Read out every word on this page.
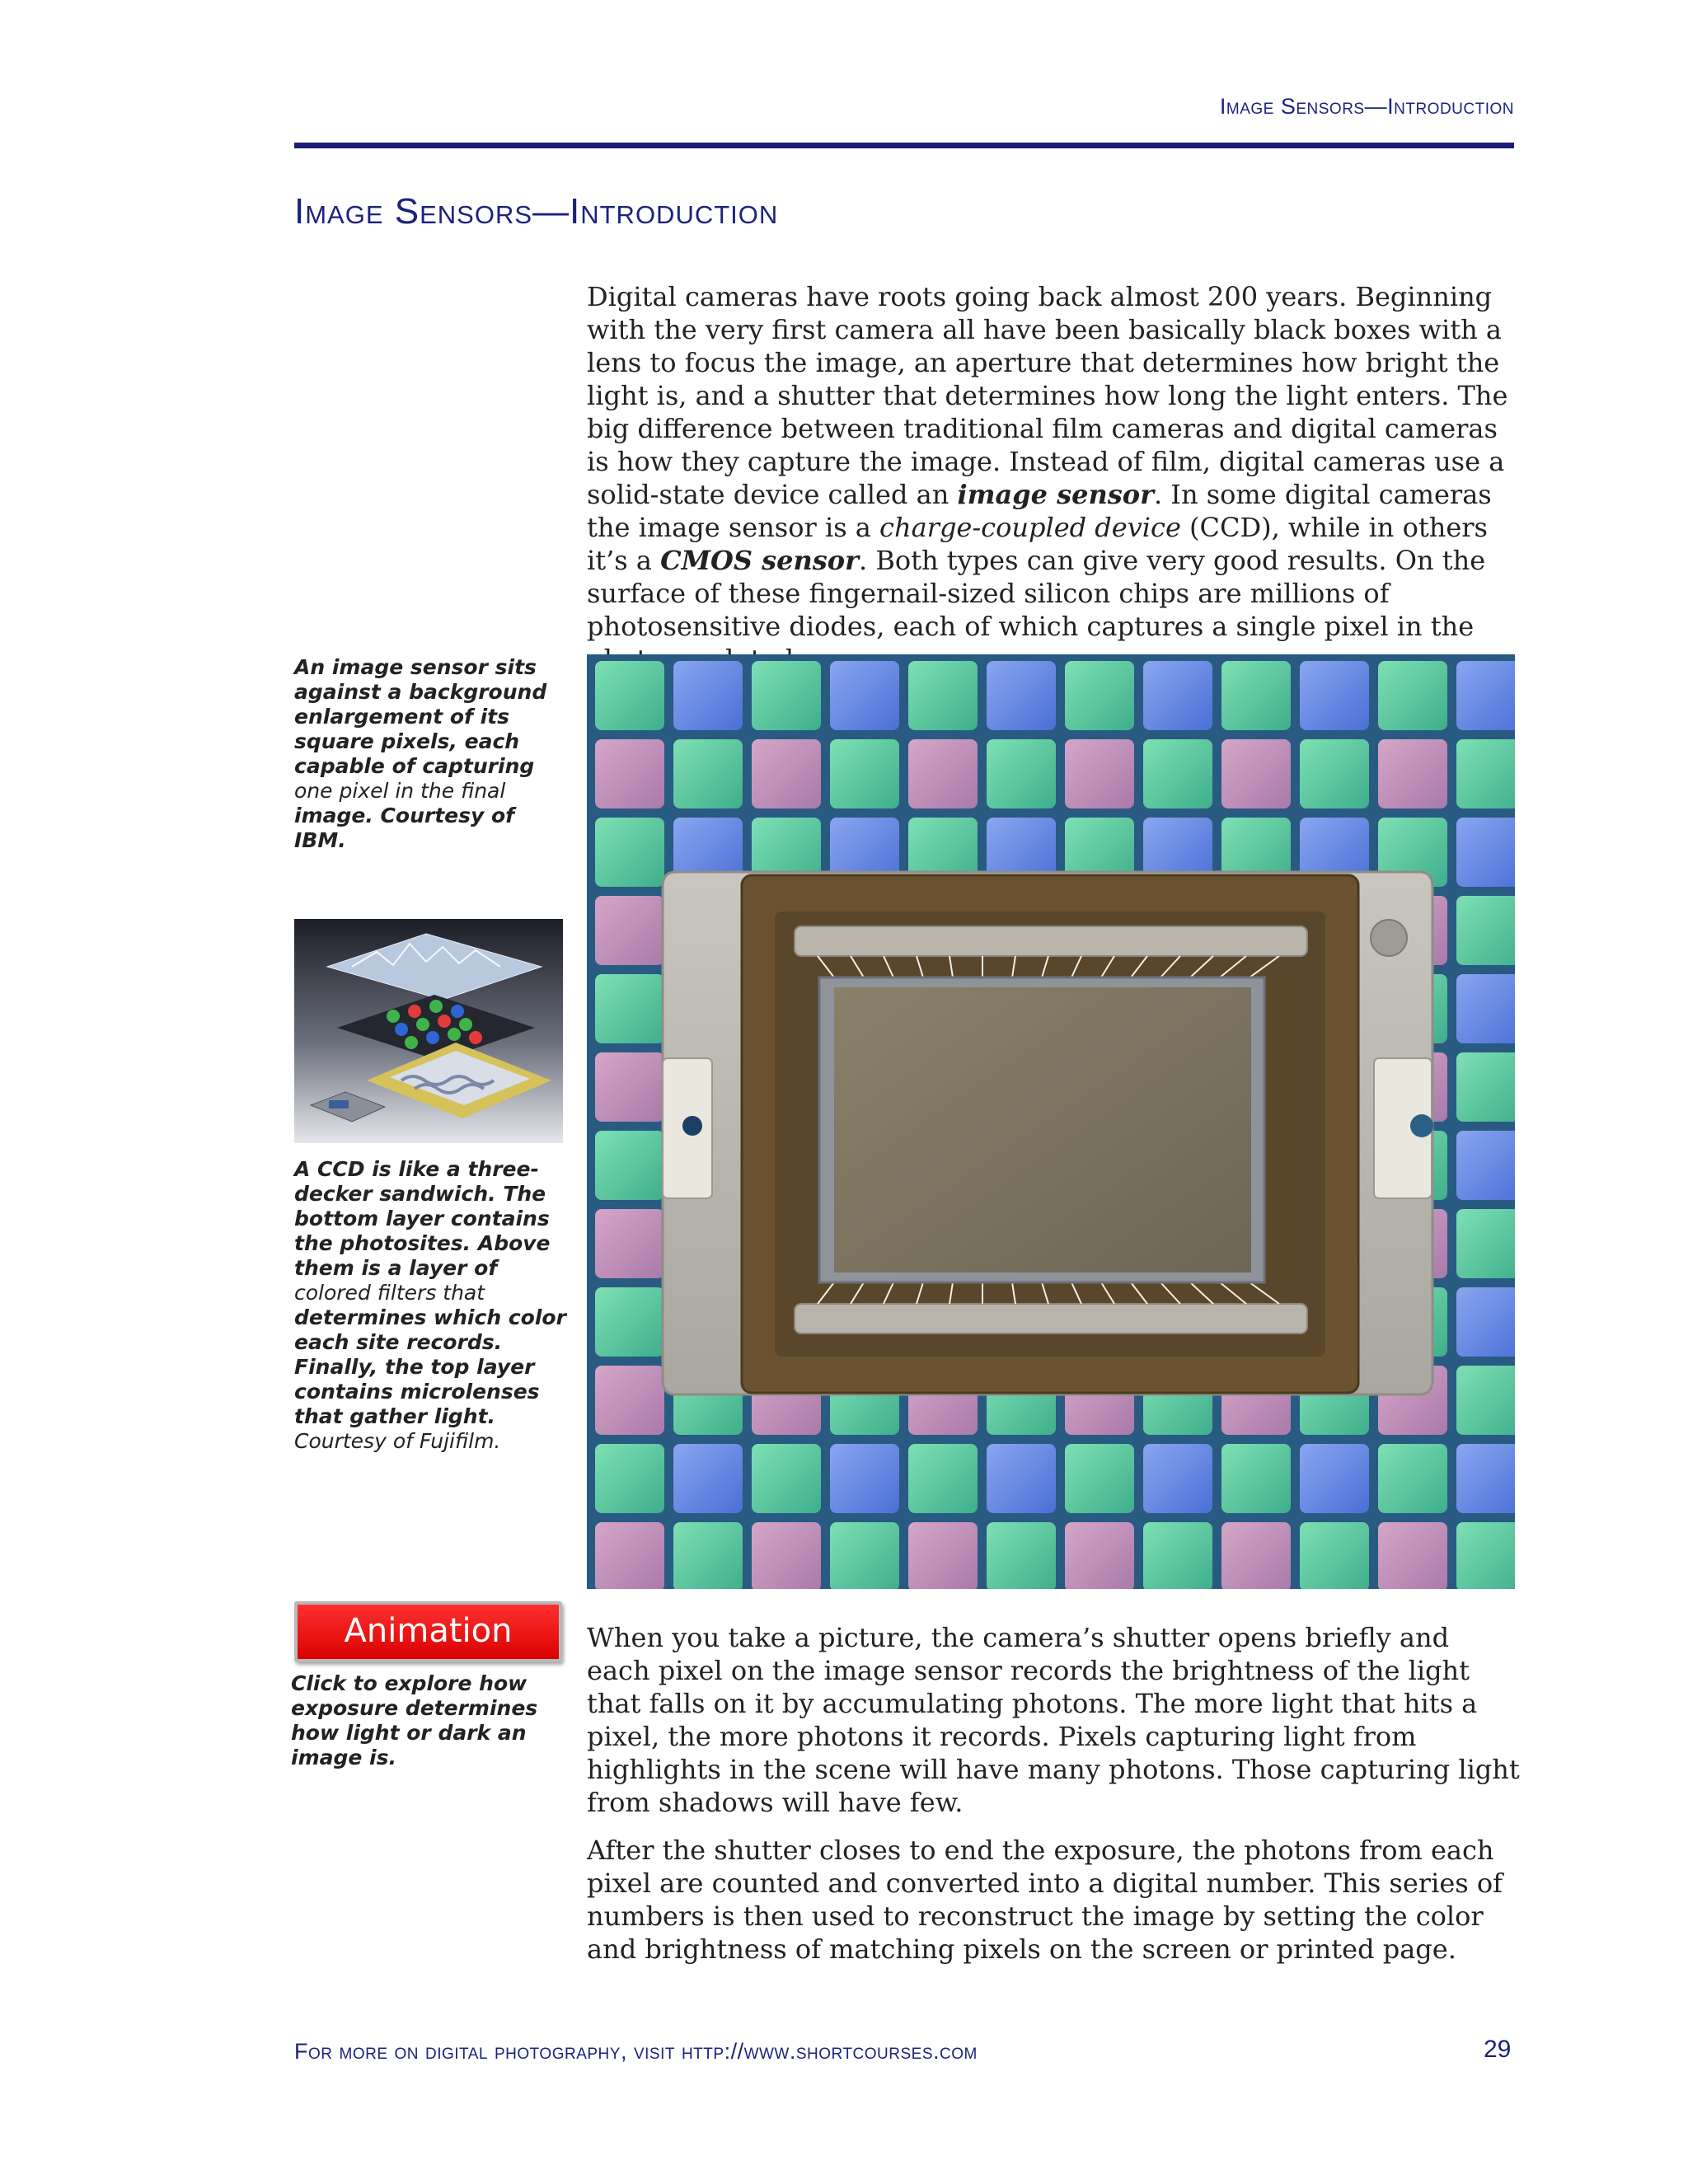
Image Sensors—Introduction
Image Sensors—Introduction

Digital cameras have roots going back almost 200 years. Beginning with the very first camera all have been basically black boxes with a lens to focus the image, an aperture that determines how bright the light is, and a shutter that determines how long the light enters. The big difference between traditional film cameras and digital cameras is how they capture the image. Instead of film, digital cameras use a solid-state device called an image sensor. In some digital cameras the image sensor is a charge-coupled device (CCD), while in others it’s a CMOS sensor. Both types can give very good results. On the surface of these fingernail-sized silicon chips are millions of photosensitive diodes, each of which captures a single pixel in the

An image sensor sits against a background enlargement of its square pixels, each capable of capturing one pixel in the final image. Courtesy of IBM.
A CCD is like a three-decker sandwich. The bottom layer contains the photosites. Above them is a layer of colored filters that determines which color each site records. Finally, the top layer contains microlenses that gather light. Courtesy of Fujifilm.
Animation
Click to explore how exposure determines how light or dark an image is.

When you take a picture, the camera’s shutter opens briefly and each pixel on the image sensor records the brightness of the light that falls on it by accumulating photons. The more light that hits a pixel, the more photons it records. Pixels capturing light from highlights in the scene will have many photons. Those capturing light from shadows will have few.

After the shutter closes to end the exposure, the photons from each pixel are counted and converted into a digital number. This series of numbers is then used to reconstruct the image by setting the color and brightness of matching pixels on the screen or printed page.

For more on digital photography, visit http://www.shortcourses.com	29
